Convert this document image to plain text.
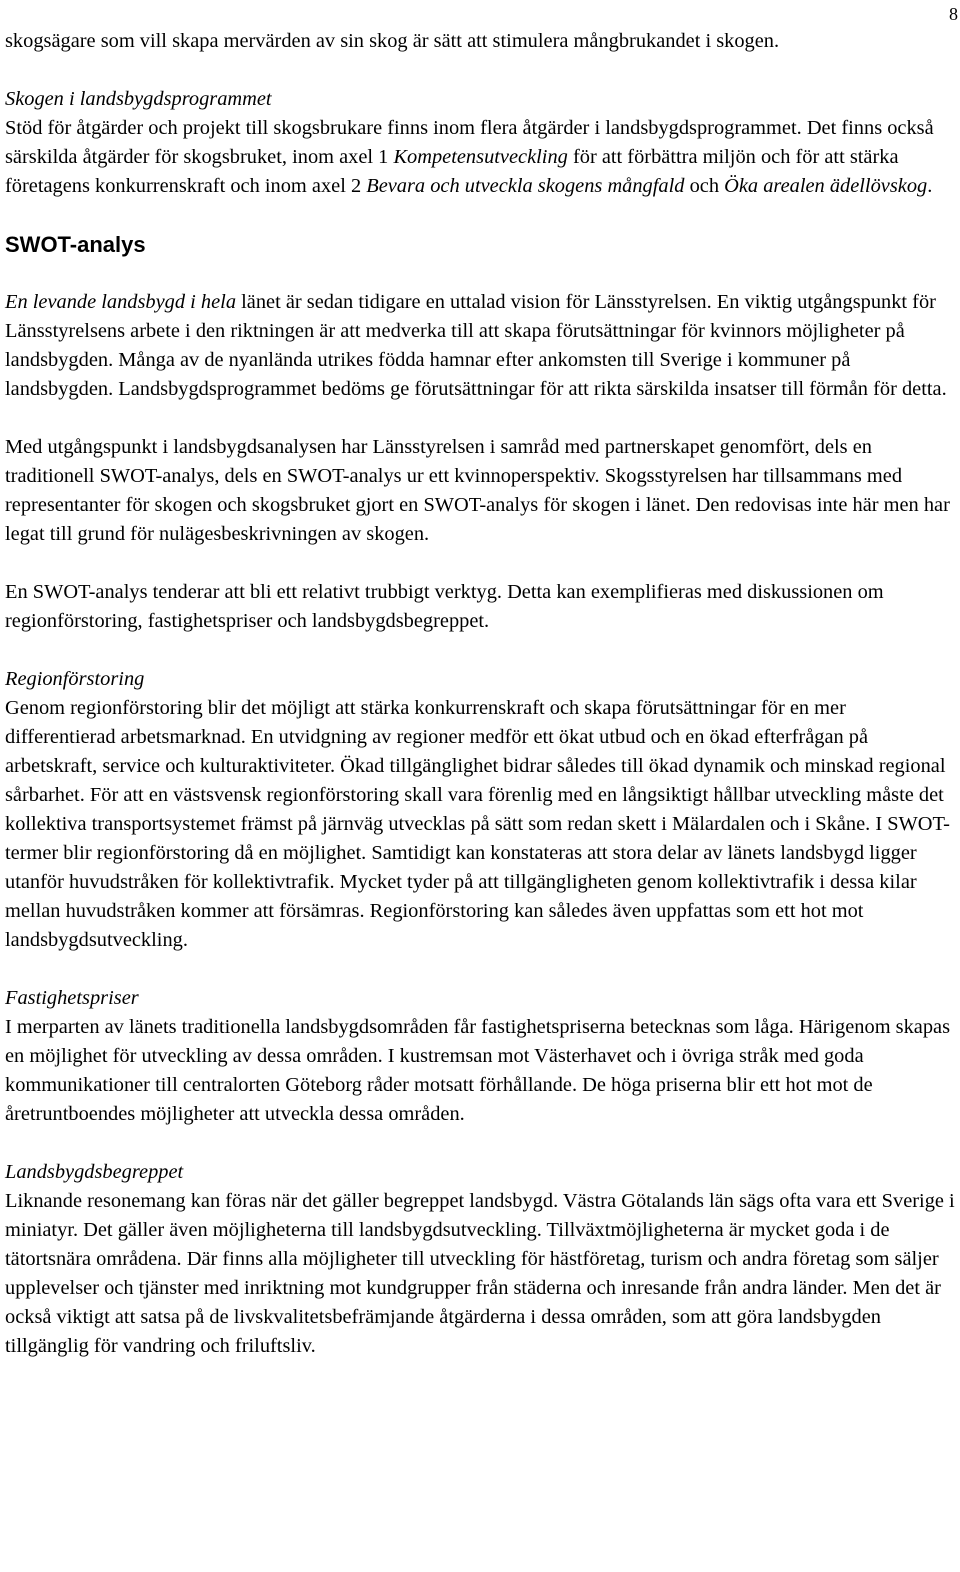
8

skogsägare som vill skapa mervärden av sin skog är sätt att stimulera mångbrukandet i skogen.

Skogen i landsbygdsprogrammet

Stöd för åtgärder och projekt till skogsbrukare finns inom flera åtgärder i landsbygdsprogrammet. Det finns också särskilda åtgärder för skogsbruket, inom axel 1 Kompetensutveckling för att förbättra miljön och för att stärka företagens konkurrenskraft och inom axel 2 Bevara och utveckla skogens mångfald och Öka arealen ädellövskog.

SWOT-analys

En levande landsbygd i hela länet är sedan tidigare en uttalad vision för Länsstyrelsen. En viktig utgångspunkt för Länsstyrelsens arbete i den riktningen är att medverka till att skapa förutsättningar för kvinnors möjligheter på landsbygden. Många av de nyanlända utrikes födda hamnar efter ankomsten till Sverige i kommuner på landsbygden. Landsbygdsprogrammet bedöms ge förutsättningar för att rikta särskilda insatser till förmån för detta.

Med utgångspunkt i landsbygdsanalysen har Länsstyrelsen i samråd med partnerskapet genomfört, dels en traditionell SWOT-analys, dels en SWOT-analys ur ett kvinnoperspektiv. Skogsstyrelsen har tillsammans med representanter för skogen och skogsbruket gjort en SWOT-analys för skogen i länet. Den redovisas inte här men har legat till grund för nulägesbeskrivningen av skogen.

En SWOT-analys tenderar att bli ett relativt trubbigt verktyg. Detta kan exemplifieras med diskussionen om regionförstoring, fastighetspriser och landsbygdsbegreppet.

Regionförstoring

Genom regionförstoring blir det möjligt att stärka konkurrenskraft och skapa förutsättningar för en mer differentierad arbetsmarknad. En utvidgning av regioner medför ett ökat utbud och en ökad efterfrågan på arbetskraft, service och kulturaktiviteter. Ökad tillgänglighet bidrar således till ökad dynamik och minskad regional sårbarhet. För att en västsvensk regionförstoring skall vara förenlig med en långsiktigt hållbar utveckling måste det kollektiva transportsystemet främst på järnväg utvecklas på sätt som redan skett i Mälardalen och i Skåne. I SWOT-termer blir regionförstoring då en möjlighet. Samtidigt kan konstateras att stora delar av länets landsbygd ligger utanför huvudstråken för kollektivtrafik. Mycket tyder på att tillgängligheten genom kollektivtrafik i dessa kilar mellan huvudstråken kommer att försämras. Regionförstoring kan således även uppfattas som ett hot mot landsbygdsutveckling.

Fastighetspriser

I merparten av länets traditionella landsbygdsområden får fastighetspriserna betecknas som låga. Härigenom skapas en möjlighet för utveckling av dessa områden. I kustremsan mot Västerhavet och i övriga stråk med goda kommunikationer till centralorten Göteborg råder motsatt förhållande. De höga priserna blir ett hot mot de åretruntboendes möjligheter att utveckla dessa områden.

Landsbygdsbegreppet

Liknande resonemang kan föras när det gäller begreppet landsbygd. Västra Götalands län sägs ofta vara ett Sverige i miniatyr. Det gäller även möjligheterna till landsbygdsutveckling. Tillväxtmöjligheterna är mycket goda i de tätortsnära områdena. Där finns alla möjligheter till utveckling för hästföretag, turism och andra företag som säljer upplevelser och tjänster med inriktning mot kundgrupper från städerna och inresande från andra länder. Men det är också viktigt att satsa på de livskvalitetsbefrämjande åtgärderna i dessa områden, som att göra landsbygden tillgänglig för vandring och friluftsliv.
